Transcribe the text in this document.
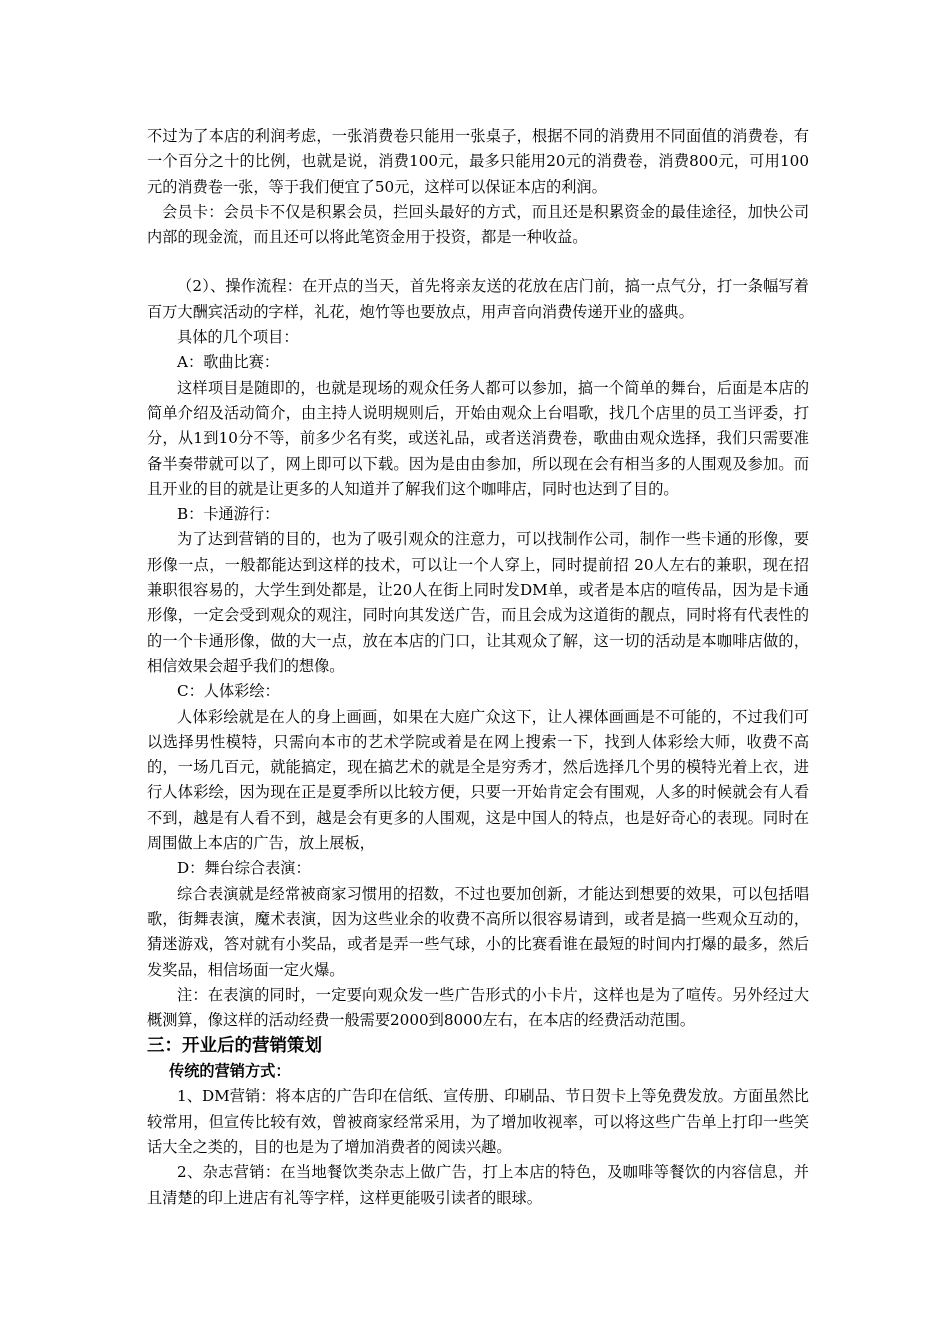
不过为了本店的利润考虑，一张消费卷只能用一张桌子，根据不同的消费用不同面值的消费卷，有一个百分之十的比例，也就是说，消费100元，最多只能用20元的消费卷，消费800元，可用100元的消费卷一张，等于我们便宜了50元，这样可以保证本店的利润。

会员卡：会员卡不仅是积累会员，拦回头最好的方式，而且还是积累资金的最佳途径，加快公司内部的现金流，而且还可以将此笔资金用于投资，都是一种收益。

（2）、操作流程：在开点的当天，首先将亲友送的花放在店门前，搞一点气分，打一条幅写着百万大酬宾活动的字样，礼花，炮竹等也要放点，用声音向消费传递开业的盛典。

具体的几个项目：

A：歌曲比赛：

这样项目是随即的，也就是现场的观众任务人都可以参加，搞一个简单的舞台，后面是本店的简单介绍及活动简介，由主持人说明规则后，开始由观众上台唱歌，找几个店里的员工当评委，打分，从1到10分不等，前多少名有奖，或送礼品，或者送消费卷，歌曲由观众选择，我们只需要准备半奏带就可以了，网上即可以下载。因为是由由参加，所以现在会有相当多的人围观及参加。而且开业的目的就是让更多的人知道并了解我们这个咖啡店，同时也达到了目的。

B：卡通游行：

为了达到营销的目的，也为了吸引观众的注意力，可以找制作公司，制作一些卡通的形像，要形像一点，一般都能达到这样的技术，可以让一个人穿上，同时提前招 20人左右的兼职，现在招兼职很容易的，大学生到处都是，让20人在街上同时发DM单，或者是本店的喧传品，因为是卡通形像，一定会受到观众的观注，同时向其发送广告，而且会成为这道街的靓点，同时将有代表性的的一个卡通形像，做的大一点，放在本店的门口，让其观众了解，这一切的活动是本咖啡店做的，相信效果会超乎我们的想像。

C：人体彩绘：

人体彩绘就是在人的身上画画，如果在大庭广众这下，让人裸体画画是不可能的，不过我们可以选择男性模特，只需向本市的艺术学院或着是在网上搜索一下，找到人体彩绘大师，收费不高的，一场几百元，就能搞定，现在搞艺术的就是全是穷秀才，然后选择几个男的模特光着上衣，进行人体彩绘，因为现在正是夏季所以比较方便，只要一开始肯定会有围观，人多的时候就会有人看不到，越是有人看不到，越是会有更多的人围观，这是中国人的特点，也是好奇心的表现。同时在周围做上本店的广告，放上展板，

D：舞台综合表演：

综合表演就是经常被商家习惯用的招数，不过也要加创新，才能达到想要的效果，可以包括唱歌，街舞表演，魔术表演，因为这些业余的收费不高所以很容易请到，或者是搞一些观众互动的，猜迷游戏，答对就有小奖品，或者是弄一些气球，小的比赛看谁在最短的时间内打爆的最多，然后发奖品，相信场面一定火爆。

注：在表演的同时，一定要向观众发一些广告形式的小卡片，这样也是为了喧传。另外经过大概测算，像这样的活动经费一般需要2000到8000左右，在本店的经费活动范围。

三：开业后的营销策划
传统的营销方式：

1、DM营销：将本店的广告印在信纸、宣传册、印刷品、节日贺卡上等免费发放。方面虽然比较常用，但宣传比较有效，曾被商家经常采用，为了增加收视率，可以将这些广告单上打印一些笑话大全之类的，目的也是为了增加消费者的阅读兴趣。

2、杂志营销：在当地餐饮类杂志上做广告，打上本店的特色，及咖啡等餐饮的内容信息，并且清楚的印上进店有礼等字样，这样更能吸引读者的眼球。
